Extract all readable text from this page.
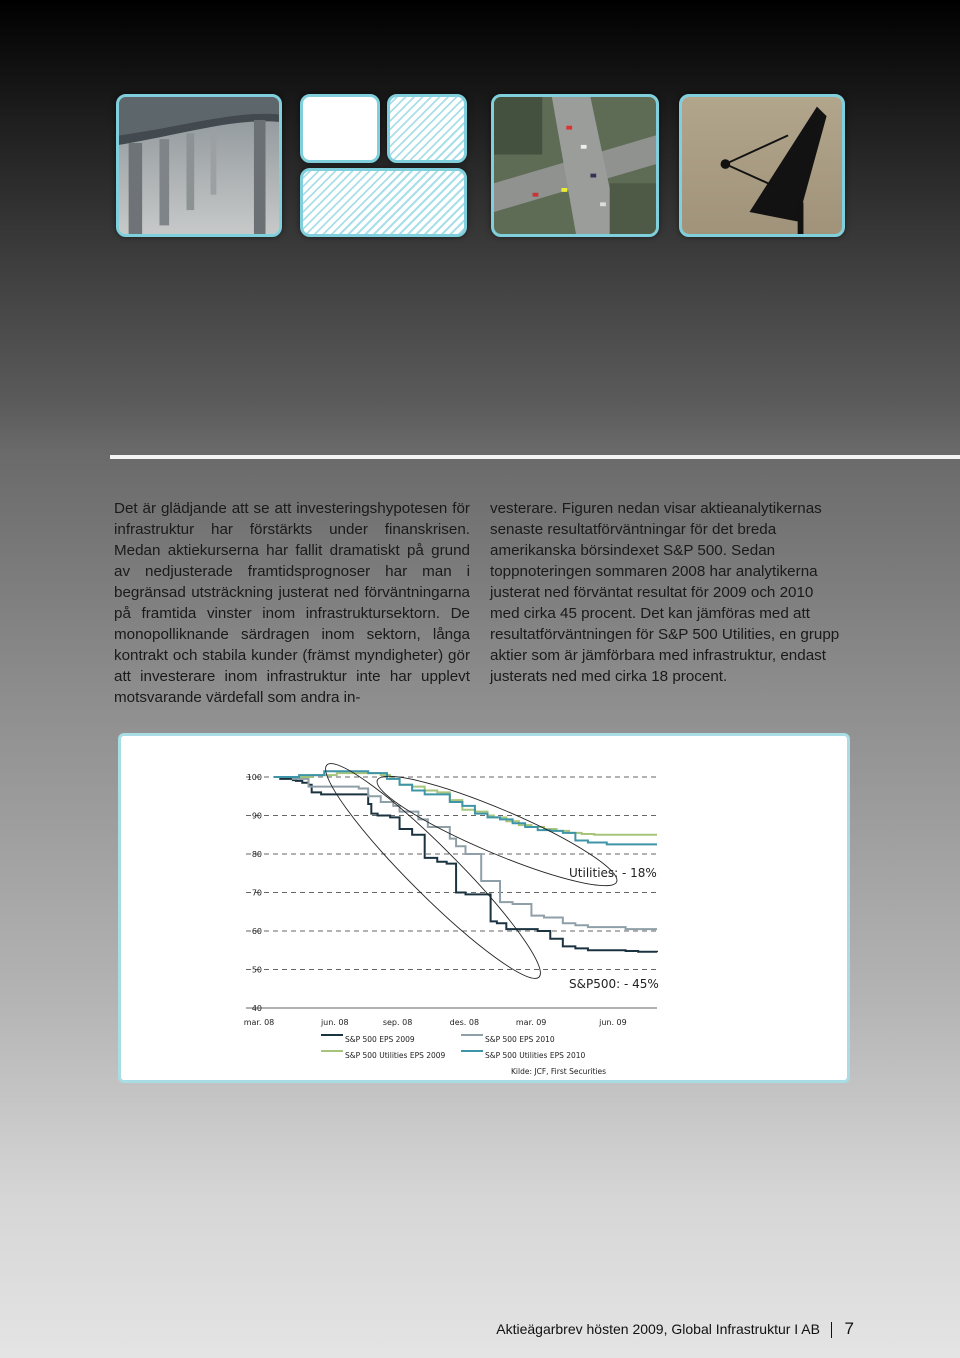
Det är glädjande att se att investeringshypotesen för infrastruktur har förstärkts under finanskrisen. Medan aktiekurserna har fallit dramatiskt på grund av nedjusterade framtidsprognoser har man i begränsad utsträckning justerat ned förväntningarna på framtida vinster inom infrastruktursektorn. De monopolliknande särdragen inom sektorn, långa kontrakt och stabila kunder (främst myndigheter) gör att investerare inom infrastruktur inte har upplevt motsvarande värdefall som andra in-

vesterare. Figuren nedan visar aktieanalytikernas senaste resultatförväntningar för det breda amerikanska börsindexet S&P 500. Sedan toppnoteringen sommaren 2008 har analytikerna justerat ned förväntat resultat för 2009 och 2010 med cirka 45 procent. Det kan jämföras med att resultatförväntningen för S&P 500 Utilities, en grupp aktier som är jämförbara med infrastruktur, endast justerats ned med cirka 18 procent.

100
90
80
70
60
50
40
mar. 08	jun. 08	sep. 08	des. 08	mar. 09	jun. 09
Utilities: - 18%
S&P500: - 45%
S&P 500 EPS 2009	S&P 500 EPS 2010
S&P 500 Utilities EPS 2009	S&P 500 Utilities EPS 2010
Kilde: JCF, First Securities
Aktieägarbrev hösten 2009, Global Infrastruktur I AB 7
